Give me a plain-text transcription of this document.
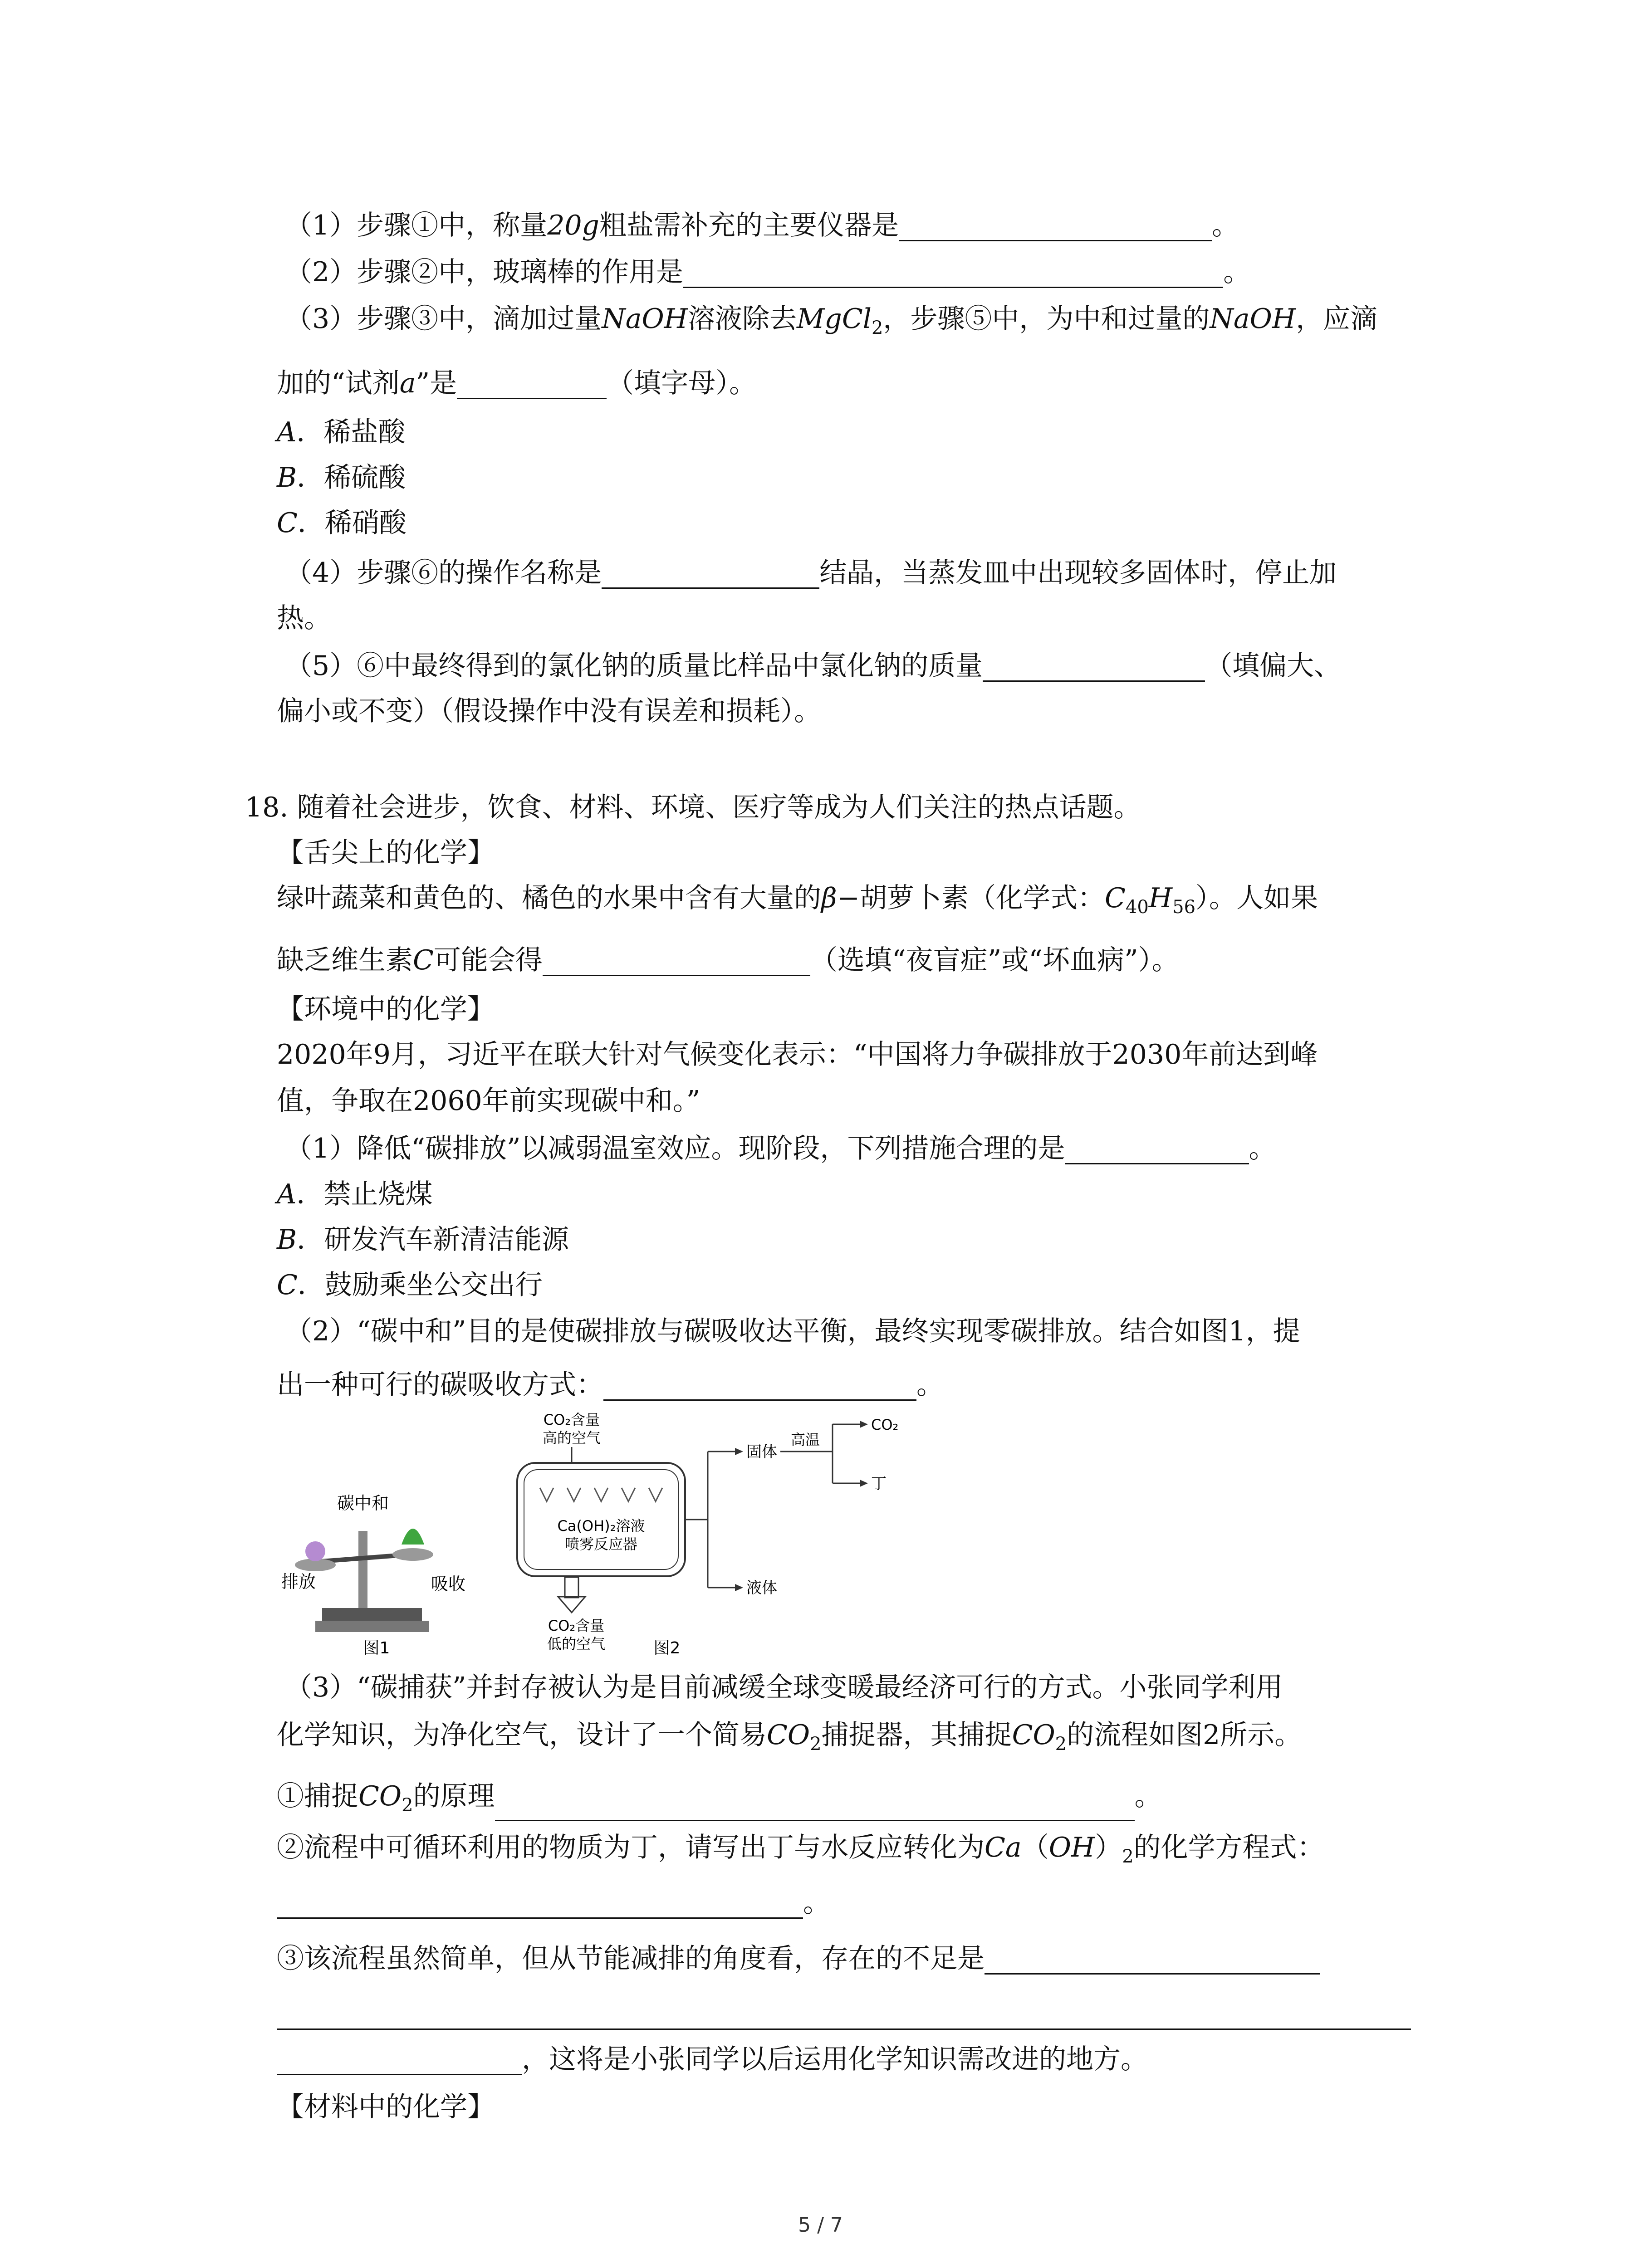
（1）步骤①中，称量20g粗盐需补充的主要仪器是	。
（2）步骤②中，玻璃棒的作用是	。
（3）步骤③中，滴加过量NaOH溶液除去MgCl$_2$，步骤⑤中，为中和过量的NaOH，应滴
加的“试剂a”是	（填字母）。
A．稀盐酸
B．稀硫酸
C．稀硝酸
（4）步骤⑥的操作名称是	结晶，当蒸发皿中出现较多固体时，停止加
热。
（5）⑥中最终得到的氯化钠的质量比样品中氯化钠的质量	（填偏大、
偏小或不变）（假设操作中没有误差和损耗）。
18. 随着社会进步，饮食、材料、环境、医疗等成为人们关注的热点话题。
【舌尖上的化学】
绿叶蔬菜和黄色的、橘色的水果中含有大量的β−胡萝卜素（化学式：$C_{40}H_{56}$）。人如果
缺乏维生素C可能会得	（选填“夜盲症”或“坏血病”）。
【环境中的化学】
2020年9月，习近平在联大针对气候变化表示：“中国将力争碳排放于2030年前达到峰
值，争取在2060年前实现碳中和。”
（1）降低“碳排放”以减弱温室效应。现阶段，下列措施合理的是	。
A．禁止烧煤
B．研发汽车新清洁能源
C．鼓励乘坐公交出行
（2）“碳中和”目的是使碳排放与碳吸收达平衡，最终实现零碳排放。结合如图1，提
出一种可行的碳吸收方式：	。
碳中和
排放	吸收
图1
CO₂含量
高的空气
Ca(OH)₂溶液
喷雾反应器
CO₂含量
低的空气
固体
液体
高温
CO₂
丁
图2
（3）“碳捕获”并封存被认为是目前减缓全球变暖最经济可行的方式。小张同学利用
化学知识，为净化空气，设计了一个简易$CO_2$捕捉器，其捕捉$CO_2$的流程如图2所示。
①捕捉$CO_2$的原理	。
②流程中可循环利用的物质为丁，请写出丁与水反应转化为$Ca(OH)_2$的化学方程式：
。
③该流程虽然简单，但从节能减排的角度看，存在的不足是
，这将是小张同学以后运用化学知识需改进的地方。
【材料中的化学】
5 / 7
